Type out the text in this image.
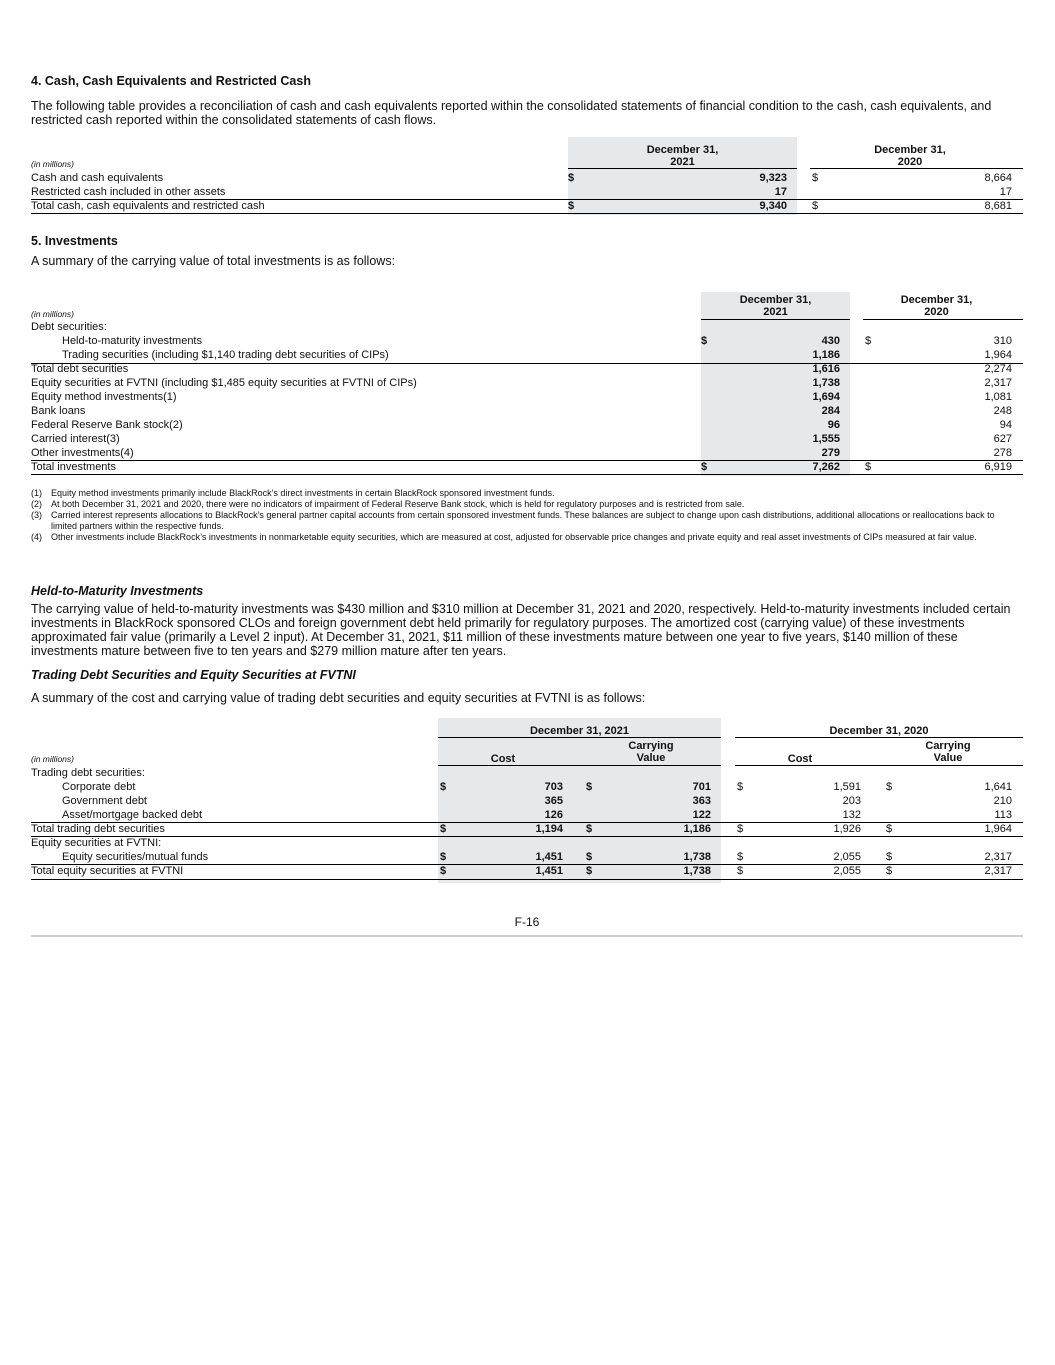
4. Cash, Cash Equivalents and Restricted Cash

The following table provides a reconciliation of cash and cash equivalents reported within the consolidated statements of financial condition to the cash, cash equivalents, and restricted cash reported within the consolidated statements of cash flows.

December 31,
2021
December 31,
2020
(in millions)
Cash and cash equivalents	$	9,323 $	8,664
Restricted cash included in other assets	17	17
Total cash, cash equivalents and restricted cash	$	9,340 $	8,681
5. Investments

A summary of the carrying value of total investments is as follows:

December 31,
2021
December 31,
2020
(in millions)
Debt securities:
Held-to-maturity investments	$	430 $	310
Trading securities (including $1,140 trading debt securities of CIPs)	1,186	1,964
Total debt securities	1,616	2,274
Equity securities at FVTNI (including $1,485 equity securities at FVTNI of CIPs)	1,738	2,317
Equity method investments(1)	1,694	1,081
Bank loans	284	248
Federal Reserve Bank stock(2)	96	94
Carried interest(3)	1,555	627
Other investments(4)	279	278
Total investments	$	7,262 $	6,919
(1)	Equity method investments primarily include BlackRock’s direct investments in certain BlackRock sponsored investment funds.
(2)	At both December 31, 2021 and 2020, there were no indicators of impairment of Federal Reserve Bank stock, which is held for regulatory purposes and is restricted from sale.
(3)	Carried interest represents allocations to BlackRock’s general partner capital accounts from certain sponsored investment funds. These balances are subject to change upon cash distributions, additional allocations or reallocations back to limited partners within the respective funds.
(4)	Other investments include BlackRock’s investments in nonmarketable equity securities, which are measured at cost, adjusted for observable price changes and private equity and real asset investments of CIPs measured at fair value.
Held-to-Maturity Investments

The carrying value of held-to-maturity investments was $430 million and $310 million at December 31, 2021 and 2020, respectively. Held-to-maturity investments included certain investments in BlackRock sponsored CLOs and foreign government debt held primarily for regulatory purposes. The amortized cost (carrying value) of these investments approximated fair value (primarily a Level 2 input). At December 31, 2021, $11 million of these investments mature between one year to five years, $140 million of these investments mature between five to ten years and $279 million mature after ten years.

Trading Debt Securities and Equity Securities at FVTNI

A summary of the cost and carrying value of trading debt securities and equity securities at FVTNI is as follows:

December 31, 2021	December 31, 2020
Cost
Carrying
Value	Cost
Carrying
Value
(in millions)
Trading debt securities:
Corporate debt	$	703 $	701 $	1,591 $	1,641
Government debt	365	363	203	210
Asset/mortgage backed debt	126	122	132	113
Total trading debt securities	$	1,194 $	1,186 $	1,926 $	1,964
Equity securities at FVTNI:
Equity securities/mutual funds	$	1,451 $	1,738 $	2,055 $	2,317
Total equity securities at FVTNI	$	1,451 $	1,738 $	2,055 $	2,317
F-16
